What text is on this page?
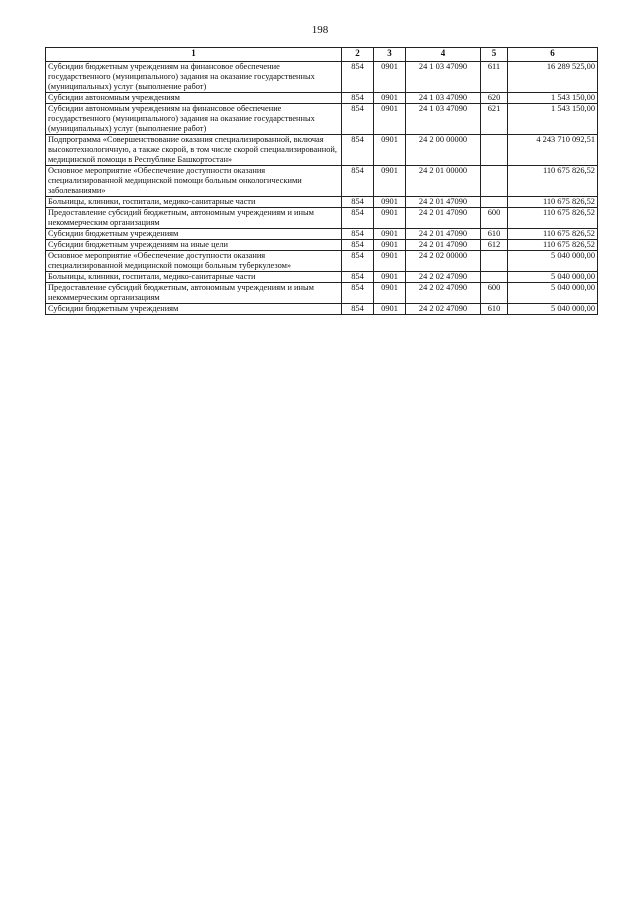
198
1	2	3	4	5	6
Субсидии бюджетным учреждениям на финансовое обеспечение государственного (муниципального) задания на оказание государственных (муниципальных) услуг (выполнение работ)	854	0901	24 1 03 47090	611	16 289 525,00
Субсидии автономным учреждениям	854	0901	24 1 03 47090	620	1 543 150,00
Субсидии автономным учреждениям на финансовое обеспечение государственного (муниципального) задания на оказание государственных (муниципальных) услуг (выполнение работ)	854	0901	24 1 03 47090	621	1 543 150,00
Подпрограмма «Совершенствование оказания специализированной, включая высокотехнологичную, а также скорой, в том числе скорой специализированной, медицинской помощи в Республике Башкортостан»	854	0901	24 2 00 00000		4 243 710 092,51
Основное мероприятие «Обеспечение доступности оказания специализированной медицинской помощи больным онкологическими заболеваниями»	854	0901	24 2 01 00000		110 675 826,52
Больницы, клиники, госпитали, медико-санитарные части	854	0901	24 2 01 47090		110 675 826,52
Предоставление субсидий бюджетным, автономным учреждениям и иным некоммерческим организациям	854	0901	24 2 01 47090	600	110 675 826,52
Субсидии бюджетным учреждениям	854	0901	24 2 01 47090	610	110 675 826,52
Субсидии бюджетным учреждениям на иные цели	854	0901	24 2 01 47090	612	110 675 826,52
Основное мероприятие «Обеспечение доступности оказания специализированной медицинской помощи больным туберкулезом»	854	0901	24 2 02 00000		5 040 000,00
Больницы, клиники, госпитали, медико-санитарные части	854	0901	24 2 02 47090		5 040 000,00
Предоставление субсидий бюджетным, автономным учреждениям и иным некоммерческим организациям	854	0901	24 2 02 47090	600	5 040 000,00
Субсидии бюджетным учреждениям	854	0901	24 2 02 47090	610	5 040 000,00
